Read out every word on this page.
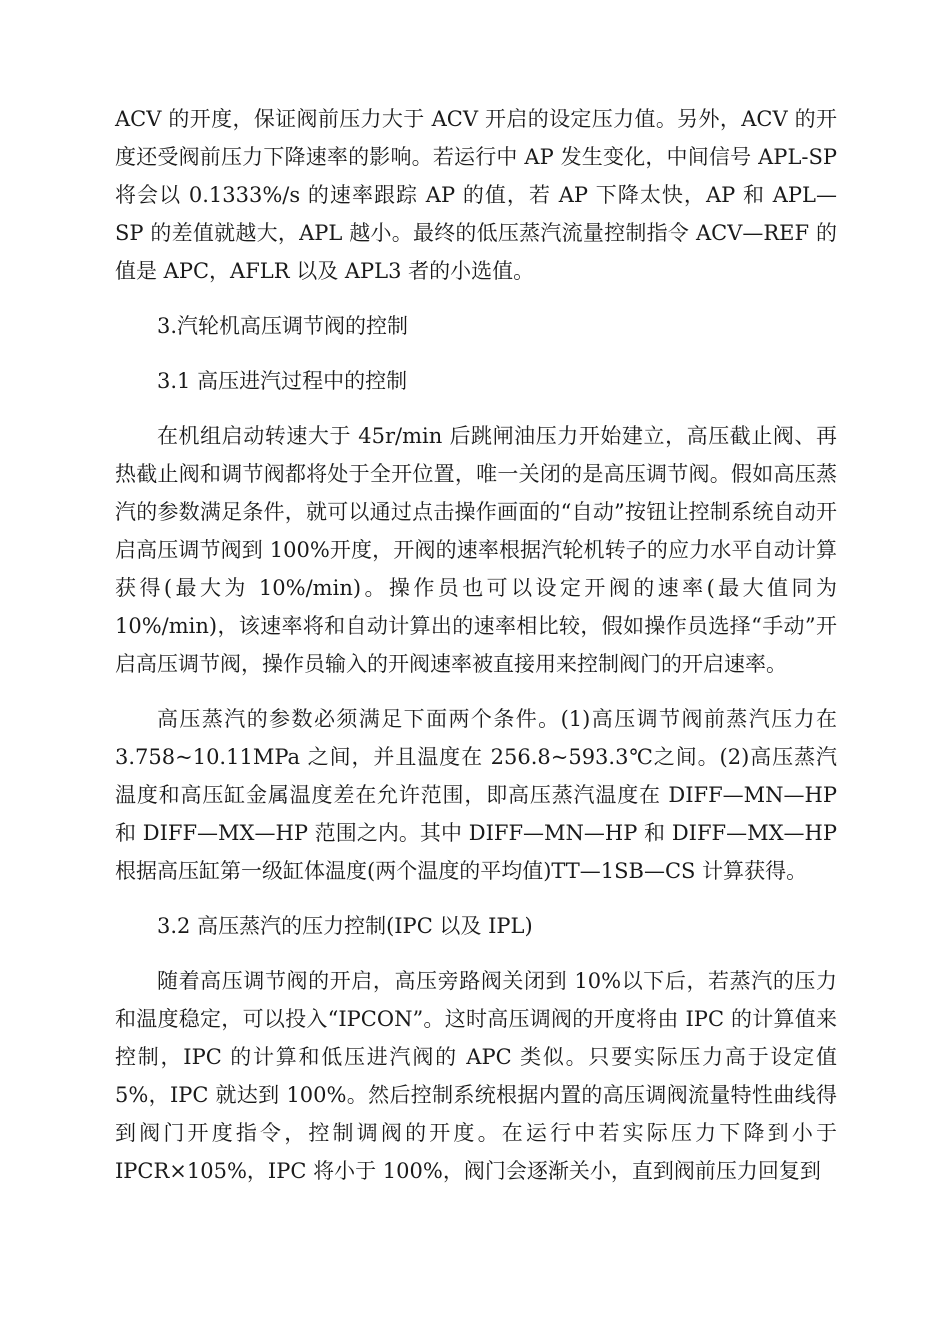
ACV 的开度，保证阀前压力大于 ACV 开启的设定压力值。另外，ACV 的开度还受阀前压力下降速率的影响。若运行中 AP 发生变化，中间信号 APL-SP 将会以 0.1333%/s 的速率跟踪 AP 的值，若 AP 下降太快，AP 和 APL—SP 的差值就越大，APL 越小。最终的低压蒸汽流量控制指令 ACV—REF 的值是 APC，AFLR 以及 APL3 者的小选值。

3.汽轮机高压调节阀的控制

3.1 高压进汽过程中的控制

在机组启动转速大于 45r/min 后跳闸油压力开始建立，高压截止阀、再热截止阀和调节阀都将处于全开位置，唯一关闭的是高压调节阀。假如高压蒸汽的参数满足条件，就可以通过点击操作画面的“自动”按钮让控制系统自动开启高压调节阀到 100%开度，开阀的速率根据汽轮机转子的应力水平自动计算获得(最大为 10%/min)。操作员也可以设定开阀的速率(最大值同为 10%/min)，该速率将和自动计算出的速率相比较，假如操作员选择“手动”开启高压调节阀，操作员输入的开阀速率被直接用来控制阀门的开启速率。

高压蒸汽的参数必须满足下面两个条件。(1)高压调节阀前蒸汽压力在 3.758~10.11MPa 之间，并且温度在 256.8~593.3℃之间。(2)高压蒸汽温度和高压缸金属温度差在允许范围，即高压蒸汽温度在 DIFF—MN—HP 和 DIFF—MX—HP 范围之内。其中 DIFF—MN—HP 和 DIFF—MX—HP 根据高压缸第一级缸体温度(两个温度的平均值)TT—1SB—CS 计算获得。

3.2 高压蒸汽的压力控制(IPC 以及 IPL)

随着高压调节阀的开启，高压旁路阀关闭到 10%以下后，若蒸汽的压力和温度稳定，可以投入“IPCON”。这时高压调阀的开度将由 IPC 的计算值来控制，IPC 的计算和低压进汽阀的 APC 类似。只要实际压力高于设定值 5%，IPC 就达到 100%。然后控制系统根据内置的高压调阀流量特性曲线得到阀门开度指令，控制调阀的开度。在运行中若实际压力下降到小于 IPCR×105%，IPC 将小于 100%，阀门会逐渐关小，直到阀前压力回复到
